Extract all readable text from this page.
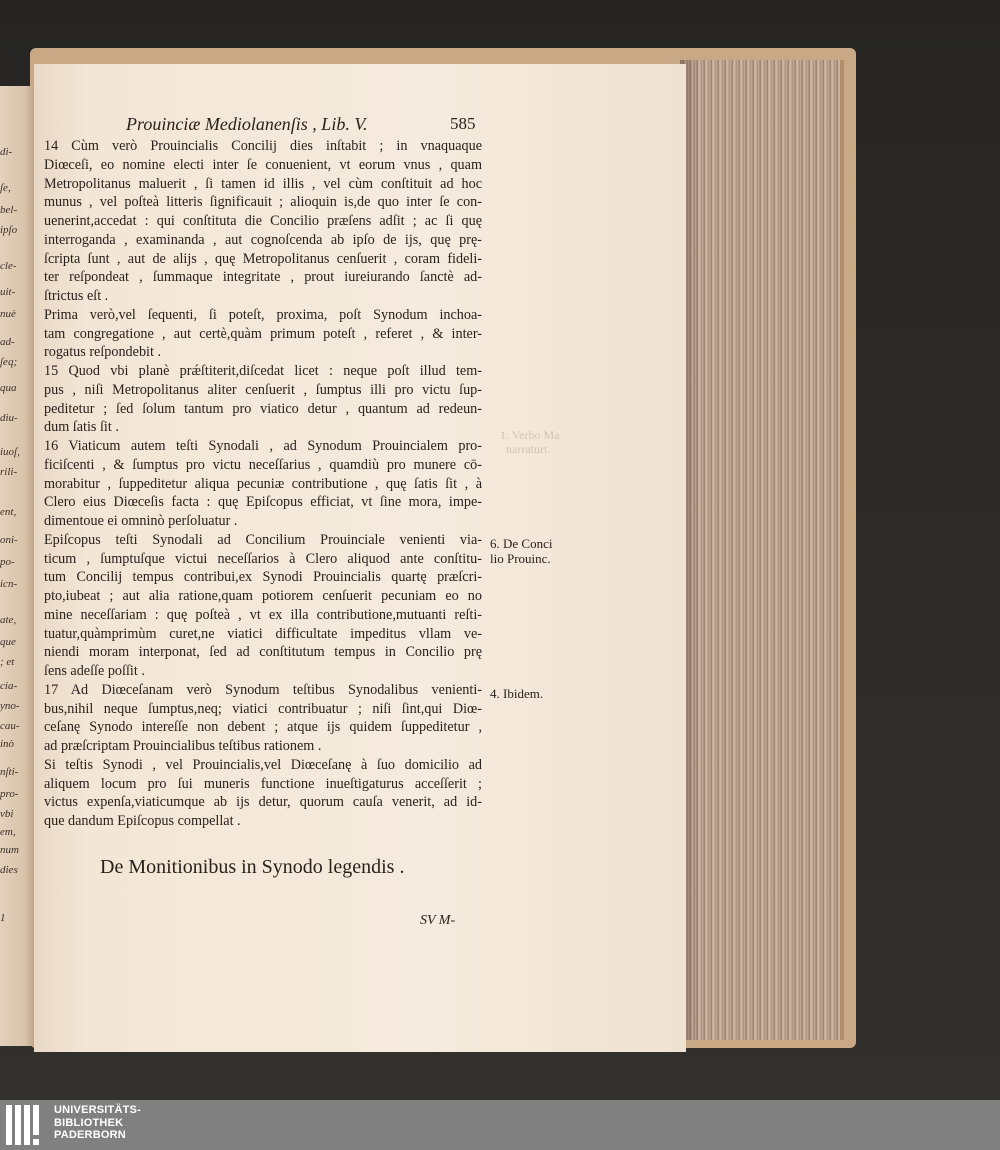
di-
ſe,
bel-
ipſo
cle-
uit-
nuè
ad-
ſeq;
qua
diu-
iuoſ,
rili-
ent,
oni-
po-
icn-
ate,
que
; et
cia-
yno-
cau-
inò
nſti-
pro-
vbi
em,
num
dies
1
1. Verbo Ma
narraturt.
Prouinciæ Mediolanenſis , Lib. V.	585
14 Cùm verò Prouincialis Concilij dies inſtabit ; in vnaquaque
Diœceſi, eo nomine electi inter ſe conuenient, vt eorum vnus , quam
Metropolitanus maluerit , ſi tamen id illis , vel cùm conſtituit ad hoc
munus , vel poſteà litteris ſignificauit ; alioquin is,de quo inter ſe con-
uenerint,accedat : qui conſtituta die Concilio præſens adſit ; ac ſi quę
interroganda , examinanda , aut cognoſcenda ab ipſo de ijs, quę prę-
ſcripta ſunt , aut de alijs , quę Metropolitanus cenſuerit , coram fideli-
ter reſpondeat , ſummaque integritate , prout iureiurando ſanctè ad-
ſtrictus eſt .
Prima verò,vel ſequenti, ſi poteſt, proxima, poſt Synodum inchoa-
tam congregatione , aut certè,quàm primum poteſt , referet , & inter-
rogatus reſpondebit .
15 Quod vbi planè prǽſtiterit,diſcedat licet : neque poſt illud tem-
pus , niſi Metropolitanus aliter cenſuerit , ſumptus illi pro victu ſup-
peditetur ; ſed ſolum tantum pro viatico detur , quantum ad redeun-
dum ſatis ſit .
16 Viaticum autem teſti Synodali , ad Synodum Prouincialem pro-
ficiſcenti , & ſumptus pro victu neceſſarius , quamdiù pro munere cō-
morabitur , ſuppeditetur aliqua pecuniæ contributione , quę ſatis ſit , à
Clero eius Diœceſis facta : quę Epiſcopus efficiat, vt ſine mora, impe-
dimentoue ei omninò perſoluatur .
Epiſcopus teſti Synodali ad Concilium Prouinciale venienti via-
ticum , ſumptuſque victui neceſſarios à Clero aliquod ante conſtitu-
tum Concilij tempus contribui,ex Synodi Prouincialis quartę præſcri-
pto,iubeat ; aut alia ratione,quam potiorem cenſuerit pecuniam eo no
mine neceſſariam : quę poſteà , vt ex illa contributione,mutuanti reſti-
tuatur,quàmprimùm curet,ne viatici difficultate impeditus vllam ve-
niendi moram interponat, ſed ad conſtitutum tempus in Concilio prę
ſens adeſſe poſſit .
17 Ad Diœceſanam verò Synodum teſtibus Synodalibus venienti-
bus,nihil neque ſumptus,neq; viatici contribuatur ; niſi ſint,qui Diœ-
ceſanę Synodo intereſſe non debent ; atque ijs quidem ſuppeditetur ,
ad præſcriptam Prouincialibus teſtibus rationem .
Si teſtis Synodi , vel Prouincialis,vel Diœceſanę à ſuo domicilio ad
aliquem locum pro ſui muneris functione inueſtigaturus acceſſerit ;
victus expenſa,viaticumque ab ijs detur, quorum cauſa venerit, ad id-
que dandum Epiſcopus compellat .
6. De Conci
lio Prouinc.
4. Ibidem.
De Monitionibus in Synodo legendis .
SV M-
UNIVERSITÄTS-
BIBLIOTHEK
PADERBORN
